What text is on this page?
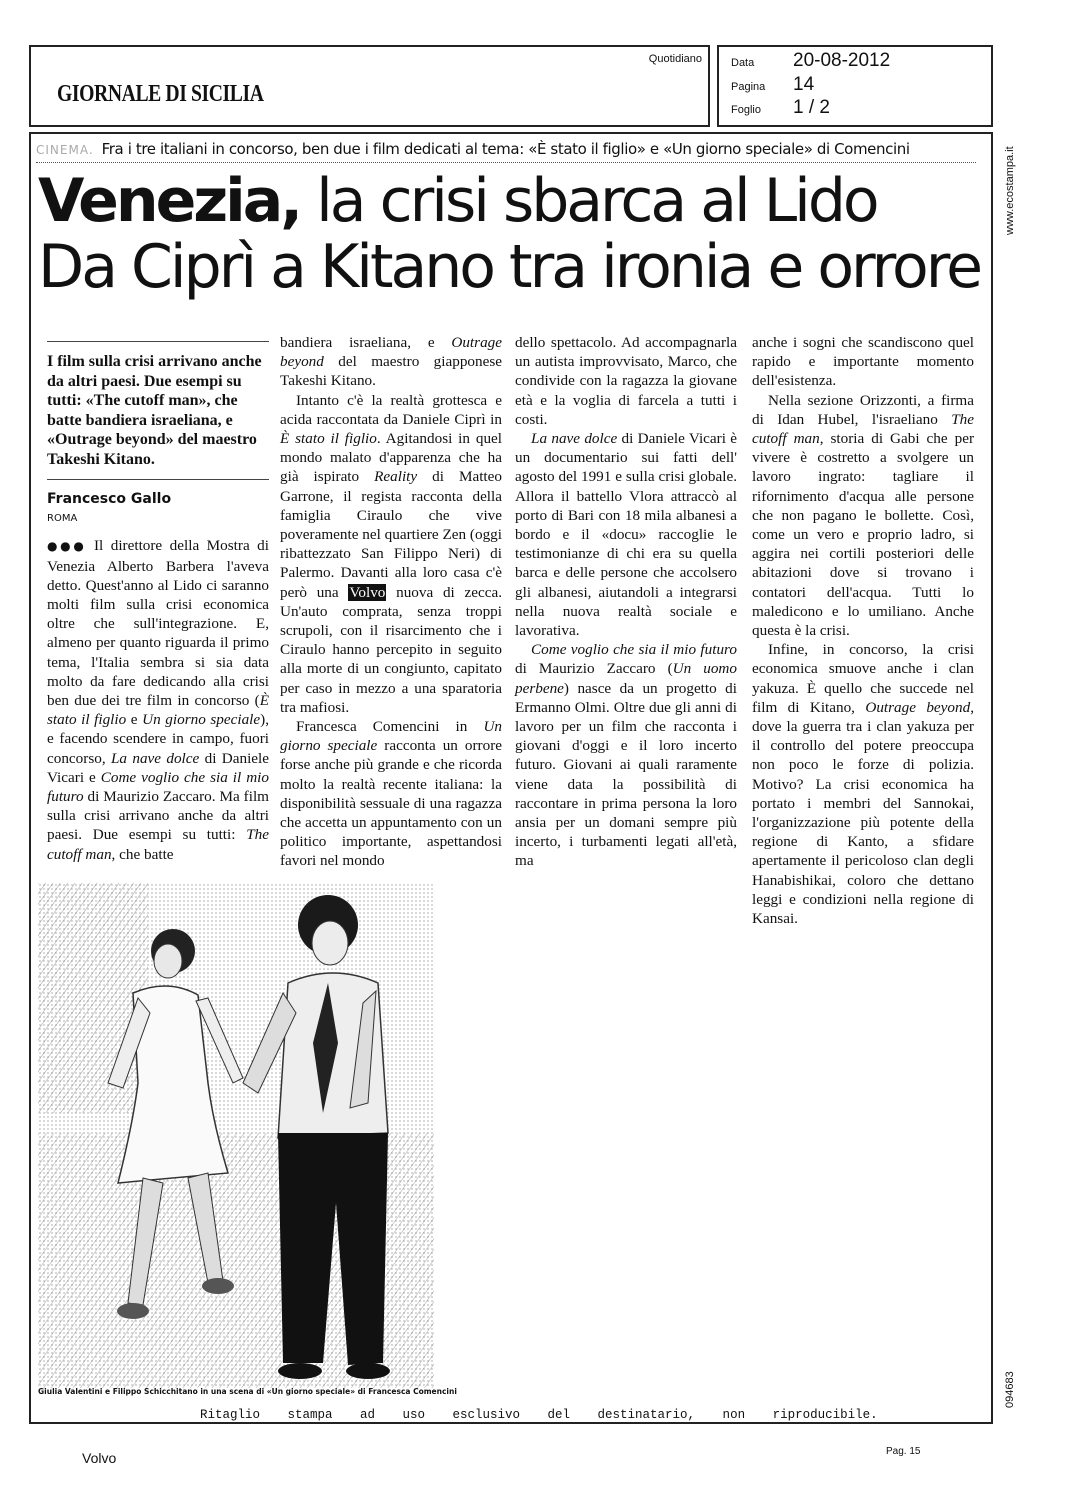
GIORNALE DI SICILIA
Quotidiano	Data	20-08-2012
Pagina	14
Foglio	1 / 2
CINEMA. Fra i tre italiani in concorso, ben due i film dedicati al tema: «È stato il figlio» e «Un giorno speciale» di Comencini
Venezia, la crisi sbarca al Lido
Da Ciprì a Kitano tra ironia e orrore
www.ecostampa.it
094683

I film sulla crisi arrivano anche da altri paesi. Due esempi su tutti: «The cutoff man», che batte bandiera israeliana, e «Outrage beyond» del maestro Takeshi Kitano.

Francesco Gallo

ROMA

●●● Il direttore della Mostra di Venezia Alberto Barbera l'aveva detto. Quest'anno al Lido ci saranno molti film sulla crisi economica oltre che sull'integrazione. E, almeno per quanto riguarda il primo tema, l'Italia sembra si sia data molto da fare dedicando alla crisi ben due dei tre film in concorso (È stato il figlio e Un giorno speciale), e facendo scendere in campo, fuori concorso, La nave dolce di Daniele Vicari e Come voglio che sia il mio futuro di Maurizio Zaccaro. Ma film sulla crisi arrivano anche da altri paesi. Due esempi su tutti: The cutoff man, che batte

bandiera israeliana, e Outrage beyond del maestro giapponese Takeshi Kitano.

Intanto c'è la realtà grottesca e acida raccontata da Daniele Ciprì in È stato il figlio. Agitandosi in quel mondo malato d'apparenza che ha già ispirato Reality di Matteo Garrone, il regista racconta della famiglia Ciraulo che vive poveramente nel quartiere Zen (oggi ribattezzato San Filippo Neri) di Palermo. Davanti alla loro casa c'è però una Volvo nuova di zecca. Un'auto comprata, senza troppi scrupoli, con il risarcimento che i Ciraulo hanno percepito in seguito alla morte di un congiunto, capitato per caso in mezzo a una sparatoria tra mafiosi.

Francesca Comencini in Un giorno speciale racconta un orrore forse anche più grande e che ricorda molto la realtà recente italiana: la disponibilità sessuale di una ragazza che accetta un appuntamento con un politico importante, aspettandosi favori nel mondo

dello spettacolo. Ad accompagnarla un autista improvvisato, Marco, che condivide con la ragazza la giovane età e la voglia di farcela a tutti i costi.

La nave dolce di Daniele Vicari è un documentario sui fatti dell' agosto del 1991 e sulla crisi globale. Allora il battello Vlora attraccò al porto di Bari con 18 mila albanesi a bordo e il «docu» raccoglie le testimonianze di chi era su quella barca e delle persone che accolsero gli albanesi, aiutandoli a integrarsi nella nuova realtà sociale e lavorativa.

Come voglio che sia il mio futuro di Maurizio Zaccaro (Un uomo perbene) nasce da un progetto di Ermanno Olmi. Oltre due gli anni di lavoro per un film che racconta i giovani d'oggi e il loro incerto futuro. Giovani ai quali raramente viene data la possibilità di raccontare in prima persona la loro ansia per un domani sempre più incerto, i turbamenti legati all'età, ma

anche i sogni che scandiscono quel rapido e importante momento dell'esistenza.

Nella sezione Orizzonti, a firma di Idan Hubel, l'israeliano The cutoff man, storia di Gabi che per vivere è costretto a svolgere un lavoro ingrato: tagliare il rifornimento d'acqua alle persone che non pagano le bollette. Così, come un vero e proprio ladro, si aggira nei cortili posteriori delle abitazioni dove si trovano i contatori dell'acqua. Tutti lo maledicono e lo umiliano. Anche questa è la crisi.

Infine, in concorso, la crisi economica smuove anche i clan yakuza. È quello che succede nel film di Kitano, Outrage beyond, dove la guerra tra i clan yakuza per il controllo del potere preoccupa non poco le forze di polizia. Motivo? La crisi economica ha portato i membri del Sannokai, l'organizzazione più potente della regione di Kanto, a sfidare apertamente il pericoloso clan degli Hanabishikai, coloro che dettano leggi e condizioni nella regione di Kansai.

Giulia Valentini e Filippo Schicchitano in una scena di «Un giorno speciale» di Francesca Comencini
Ritaglio stampa ad uso esclusivo del destinatario, non riproducibile.
Volvo	Pag. 15
